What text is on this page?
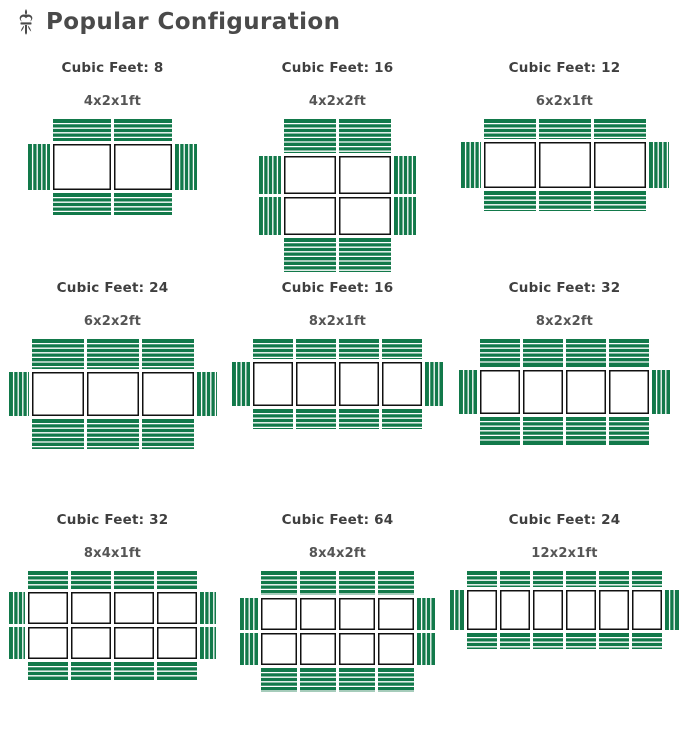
Popular Configuration
Cubic Feet: 8
4x2x1ft
Cubic Feet: 16
4x2x2ft
Cubic Feet: 12
6x2x1ft
Cubic Feet: 24
6x2x2ft
Cubic Feet: 16
8x2x1ft
Cubic Feet: 32
8x2x2ft
Cubic Feet: 32
8x4x1ft
Cubic Feet: 64
8x4x2ft
Cubic Feet: 24
12x2x1ft
